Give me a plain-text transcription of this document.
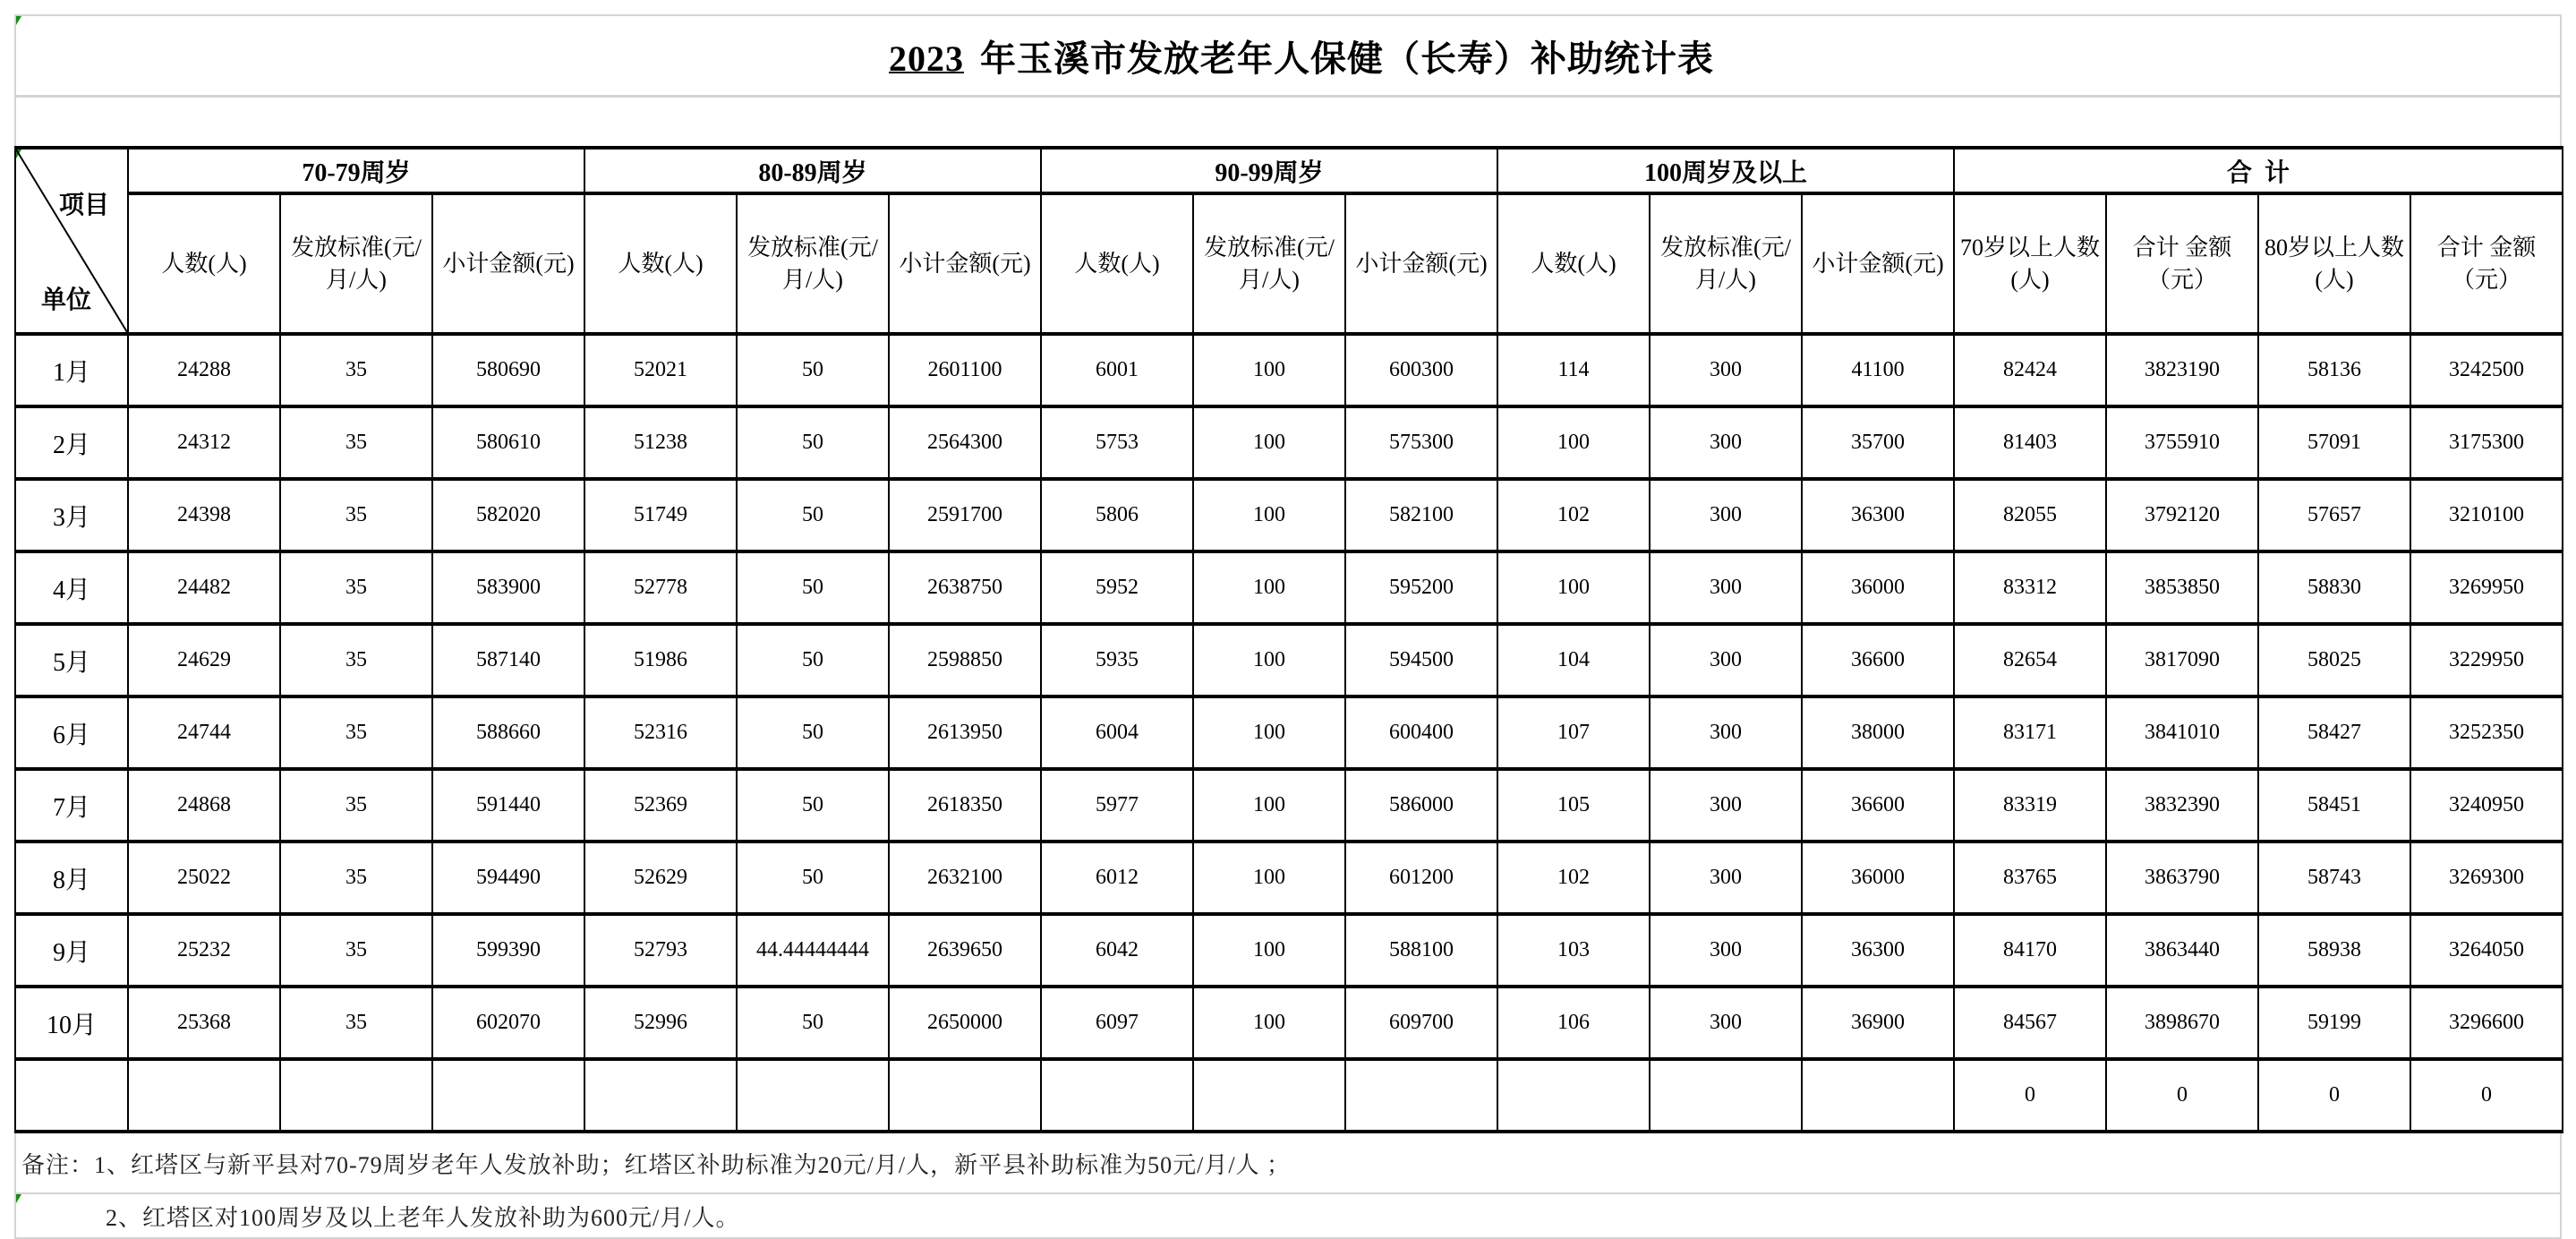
2023 年玉溪市发放老年人保健（长寿）补助统计表
项目
单位	70-79周岁			80-89周岁			90-99周岁			100周岁及以上			合  计			
	人数(人)	发放标准(元/月/人)	小计金额(元)	人数(人)	发放标准(元/月/人)	小计金额(元)	人数(人)	发放标准(元/月/人)	小计金额(元)	人数(人)	发放标准(元/月/人)	小计金额(元)	70岁以上人数(人)	合计 金额（元）	80岁以上人数(人)	合计 金额（元）
1月	24288	35	580690	52021	50	2601100	6001	100	600300	114	300	41100	82424	3823190	58136	3242500
2月	24312	35	580610	51238	50	2564300	5753	100	575300	100	300	35700	81403	3755910	57091	3175300
3月	24398	35	582020	51749	50	2591700	5806	100	582100	102	300	36300	82055	3792120	57657	3210100
4月	24482	35	583900	52778	50	2638750	5952	100	595200	100	300	36000	83312	3853850	58830	3269950
5月	24629	35	587140	51986	50	2598850	5935	100	594500	104	300	36600	82654	3817090	58025	3229950
6月	24744	35	588660	52316	50	2613950	6004	100	600400	107	300	38000	83171	3841010	58427	3252350
7月	24868	35	591440	52369	50	2618350	5977	100	586000	105	300	36600	83319	3832390	58451	3240950
8月	25022	35	594490	52629	50	2632100	6012	100	601200	102	300	36000	83765	3863790	58743	3269300
9月	25232	35	599390	52793	44.44444444	2639650	6042	100	588100	103	300	36300	84170	3863440	58938	3264050
10月	25368	35	602070	52996	50	2650000	6097	100	609700	106	300	36900	84567	3898670	59199	3296600
													0	0	0	0
备注：1、红塔区与新平县对70-79周岁老年人发放补助；红塔区补助标准为20元/月/人，新平县补助标准为50元/月/人 ；
2、红塔区对100周岁及以上老年人发放补助为600元/月/人。
